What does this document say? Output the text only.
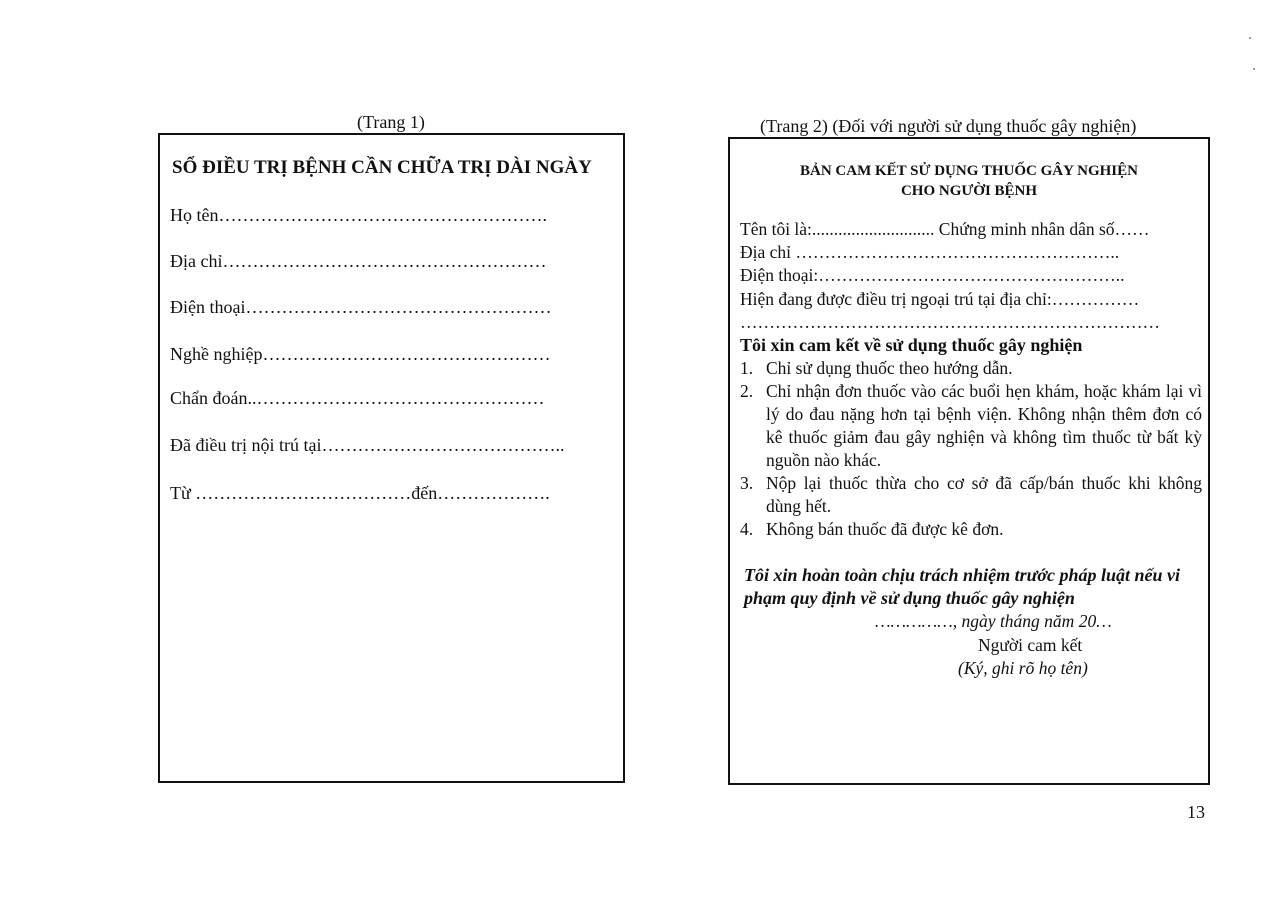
(Trang 1)
SỔ ĐIỀU TRỊ BỆNH CẦN CHỮA TRỊ DÀI NGÀY
Họ tên……………………………………………….
Địa chỉ………………………………………………
Điện thoại……………………………………………
Nghề nghiệp…………………………………………
Chẩn đoán..…………………………………………
Đã điều trị nội trú tại…………………………………..
Từ ………………………………đến……………….
(Trang 2) (Đối với người sử dụng thuốc gây nghiện)
BẢN CAM KẾT SỬ DỤNG THUỐC GÂY NGHIỆN
CHO NGƯỜI BỆNH
Tên tôi là:............................ Chứng minh nhân dân số……
Địa chỉ ………………………………………………..
Điện thoại:……………………………………………..
Hiện đang được điều trị ngoại trú tại địa chỉ:……………
………………………………………………………………
Tôi xin cam kết về sử dụng thuốc gây nghiện
1. Chỉ sử dụng thuốc theo hướng dẫn.
2. Chỉ nhận đơn thuốc vào các buổi hẹn khám, hoặc khám lại vì lý do đau nặng hơn tại bệnh viện. Không nhận thêm đơn có kê thuốc giảm đau gây nghiện và không tìm thuốc từ bất kỳ nguồn nào khác.
3. Nộp lại thuốc thừa cho cơ sở đã cấp/bán thuốc khi không dùng hết.
4. Không bán thuốc đã được kê đơn.
Tôi xin hoàn toàn chịu trách nhiệm trước pháp luật nếu vi phạm quy định về sử dụng thuốc gây nghiện
……………, ngày tháng năm 20…
Người cam kết
(Ký, ghi rõ họ tên)
13
